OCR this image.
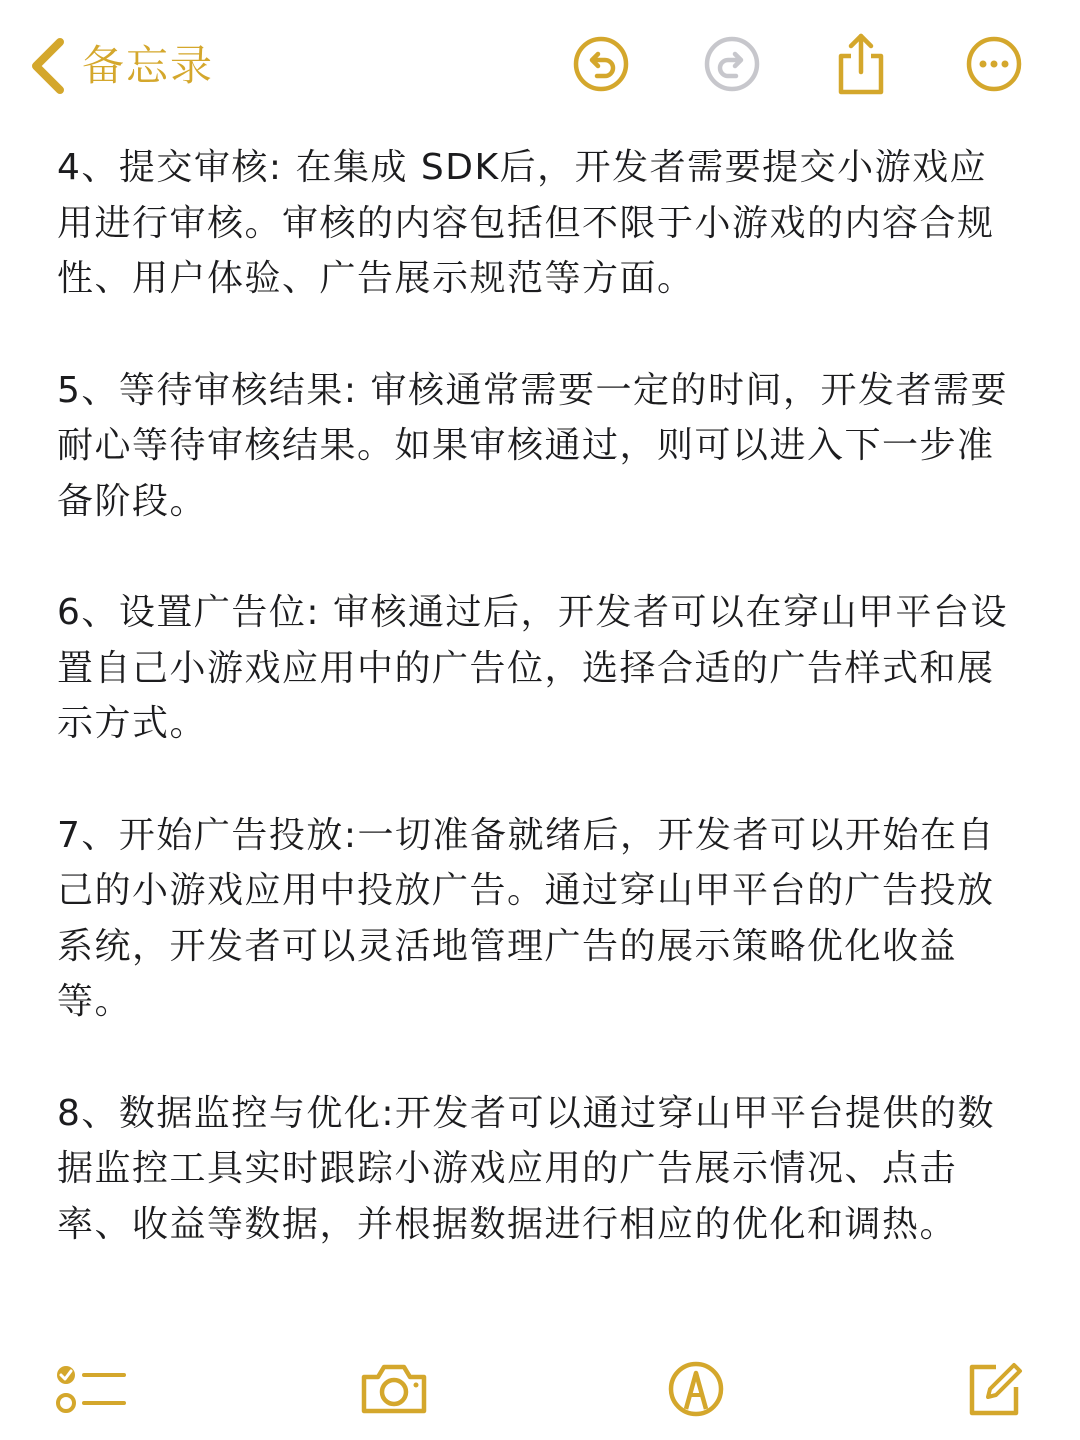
备忘录

4、提交审核: 在集成 SDK后，开发者需要提交小游戏应用进行审核。审核的内容包括但不限于小游戏的内容合规性、用户体验、广告展示规范等方面。

5、等待审核结果: 审核通常需要一定的时间，开发者需要耐心等待审核结果。如果审核通过，则可以进入下一步准备阶段。

6、设置广告位: 审核通过后，开发者可以在穿山甲平台设置自己小游戏应用中的广告位，选择合适的广告样式和展示方式。

7、开始广告投放:一切准备就绪后，开发者可以开始在自己的小游戏应用中投放广告。通过穿山甲平台的广告投放系统，开发者可以灵活地管理广告的展示策略优化收益等。

8、数据监控与优化:开发者可以通过穿山甲平台提供的数据监控工具实时跟踪小游戏应用的广告展示情况、点击率、收益等数据，并根据数据进行相应的优化和调热。
